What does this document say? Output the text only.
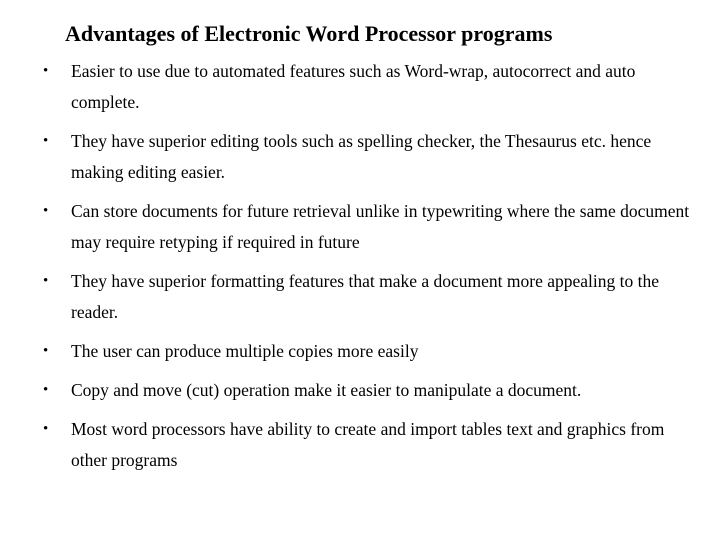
Advantages of Electronic Word Processor programs
• Easier to use due to automated features such as Word-wrap, autocorrect and auto complete.
• They have superior editing tools such as spelling checker, the Thesaurus etc. hence making editing easier.
• Can store documents for future retrieval unlike in typewriting where the same document may require retyping if required in future
• They have superior formatting features that make a document more appealing to the reader.
• The user can produce multiple copies more easily
• Copy and move (cut) operation make it easier to manipulate a document.
• Most word processors have ability to create and import tables text and graphics from other programs
